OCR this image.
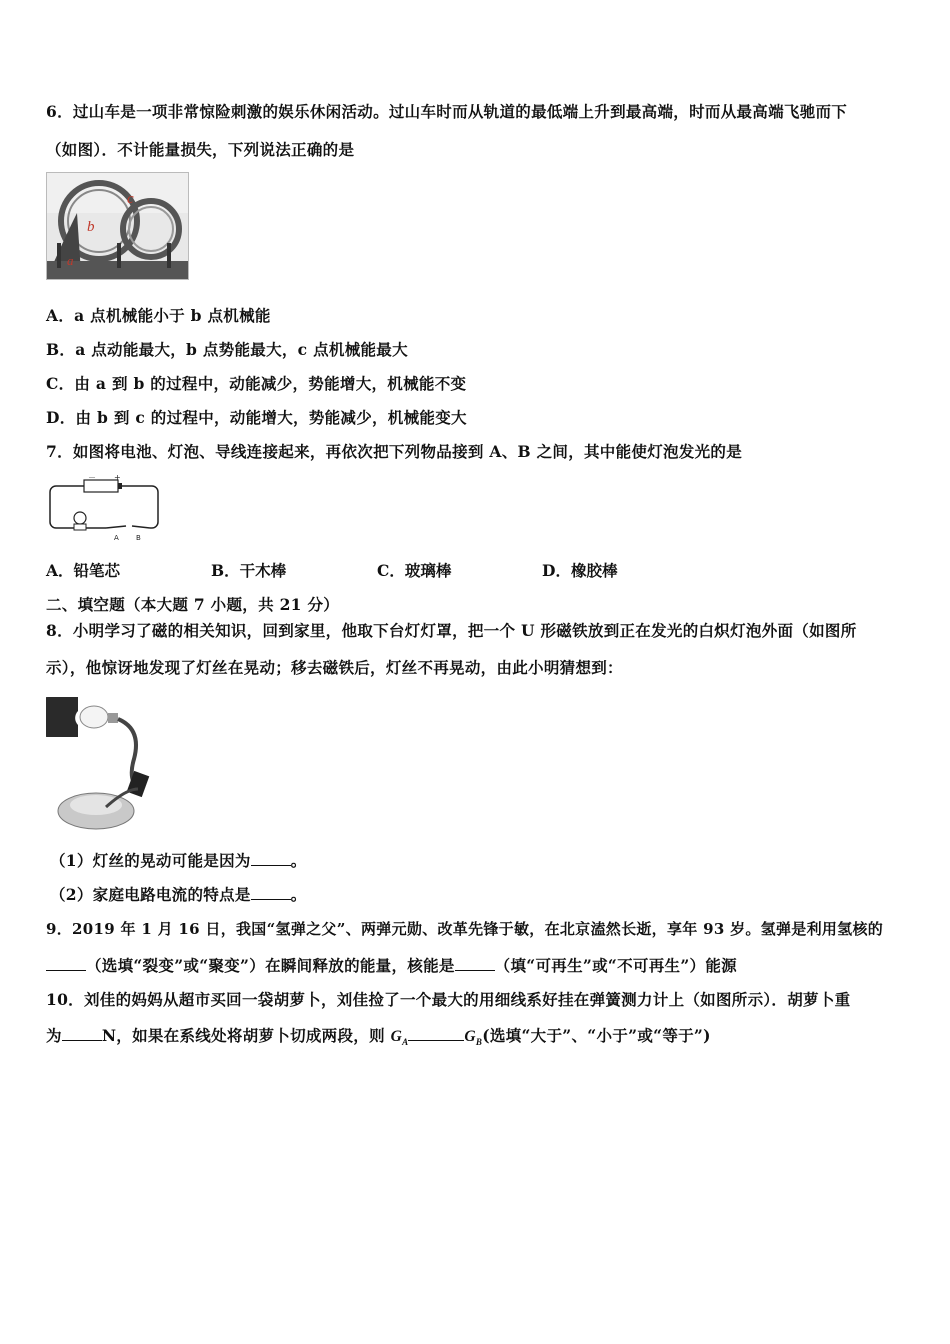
6．过山车是一项非常惊险刺激的娱乐休闲活动。过山车时而从轨道的最低端上升到最高端，时而从最高端飞驰而下
（如图）．不计能量损失，下列说法正确的是
b
c
a
A．a 点机械能小于 b 点机械能
B．a 点动能最大，b 点势能最大，c 点机械能最大
C．由 a 到 b 的过程中，动能减少，势能增大，机械能不变
D．由 b 到 c 的过程中，动能增大，势能减少，机械能变大
7．如图将电池、灯泡、导线连接起来，再依次把下列物品接到 A、B 之间，其中能使灯泡发光的是
－ +
A B
A．铅笔芯	B．干木棒	C．玻璃棒	D．橡胶棒
二、填空题（本大题 7 小题，共 21 分）
8．小明学习了磁的相关知识，回到家里，他取下台灯灯罩，把一个 U 形磁铁放到正在发光的白炽灯泡外面（如图所
示），他惊讶地发现了灯丝在晃动；移去磁铁后，灯丝不再晃动，由此小明猜想到：
（1）灯丝的晃动可能是因为	。
（2）家庭电路电流的特点是	。
9．2019 年 1 月 16 日，我国“氢弹之父”、两弹元勋、改革先锋于敏，在北京溘然长逝，享年 93 岁。氢弹是利用氢核的
（选填“裂变”或“聚变”）在瞬间释放的能量，核能是	（填“可再生”或“不可再生”）能源
10．刘佳的妈妈从超市买回一袋胡萝卜，刘佳捡了一个最大的用细线系好挂在弹簧测力计上（如图所示）．胡萝卜重
为	N，如果在系线处将胡萝卜切成两段，则 $G_A$	$G_B$(选填“大于”、“小于”或“等于”)
